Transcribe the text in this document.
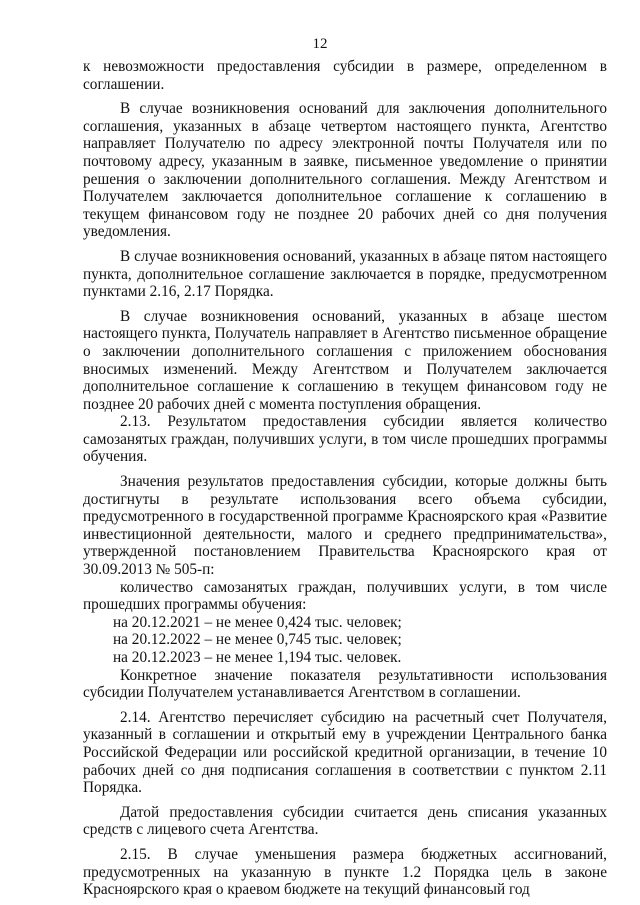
12

к невозможности предоставления субсидии в размере, определенном в соглашении.

В случае возникновения оснований для заключения дополнительного соглашения, указанных в абзаце четвертом настоящего пункта, Агентство направляет Получателю по адресу электронной почты Получателя или по почтовому адресу, указанным в заявке, письменное уведомление о принятии решения о заключении дополнительного соглашения. Между Агентством и Получателем заключается дополнительное соглашение к соглашению в текущем финансовом году не позднее 20 рабочих дней со дня получения уведомления.

В случае возникновения оснований, указанных в абзаце пятом настоящего пункта, дополнительное соглашение заключается в порядке, предусмотренном пунктами 2.16, 2.17 Порядка.

В случае возникновения оснований, указанных в абзаце шестом настоящего пункта, Получатель направляет в Агентство письменное обращение о заключении дополнительного соглашения с приложением обоснования вносимых изменений. Между Агентством и Получателем заключается дополнительное соглашение к соглашению в текущем финансовом году не позднее 20 рабочих дней с момента поступления обращения.

2.13. Результатом предоставления субсидии является количество самозанятых граждан, получивших услуги, в том числе прошедших программы обучения.

Значения результатов предоставления субсидии, которые должны быть достигнуты в результате использования всего объема субсидии, предусмотренного в государственной программе Красноярского края «Развитие инвестиционной деятельности, малого и среднего предпринимательства», утвержденной постановлением Правительства Красноярского края от 30.09.2013 № 505-п:

количество самозанятых граждан, получивших услуги, в том числе прошедших программы обучения:

на 20.12.2021 – не менее 0,424 тыс. человек;

на 20.12.2022 – не менее 0,745 тыс. человек;

на 20.12.2023 – не менее 1,194 тыс. человек.

Конкретное значение показателя результативности использования субсидии Получателем устанавливается Агентством в соглашении.

2.14. Агентство перечисляет субсидию на расчетный счет Получателя, указанный в соглашении и открытый ему в учреждении Центрального банка Российской Федерации или российской кредитной организации, в течение 10 рабочих дней со дня подписания соглашения в соответствии с пунктом 2.11 Порядка.

Датой предоставления субсидии считается день списания указанных средств с лицевого счета Агентства.

2.15. В случае уменьшения размера бюджетных ассигнований, предусмотренных на указанную в пункте 1.2 Порядка цель в законе Красноярского края о краевом бюджете на текущий финансовый год
